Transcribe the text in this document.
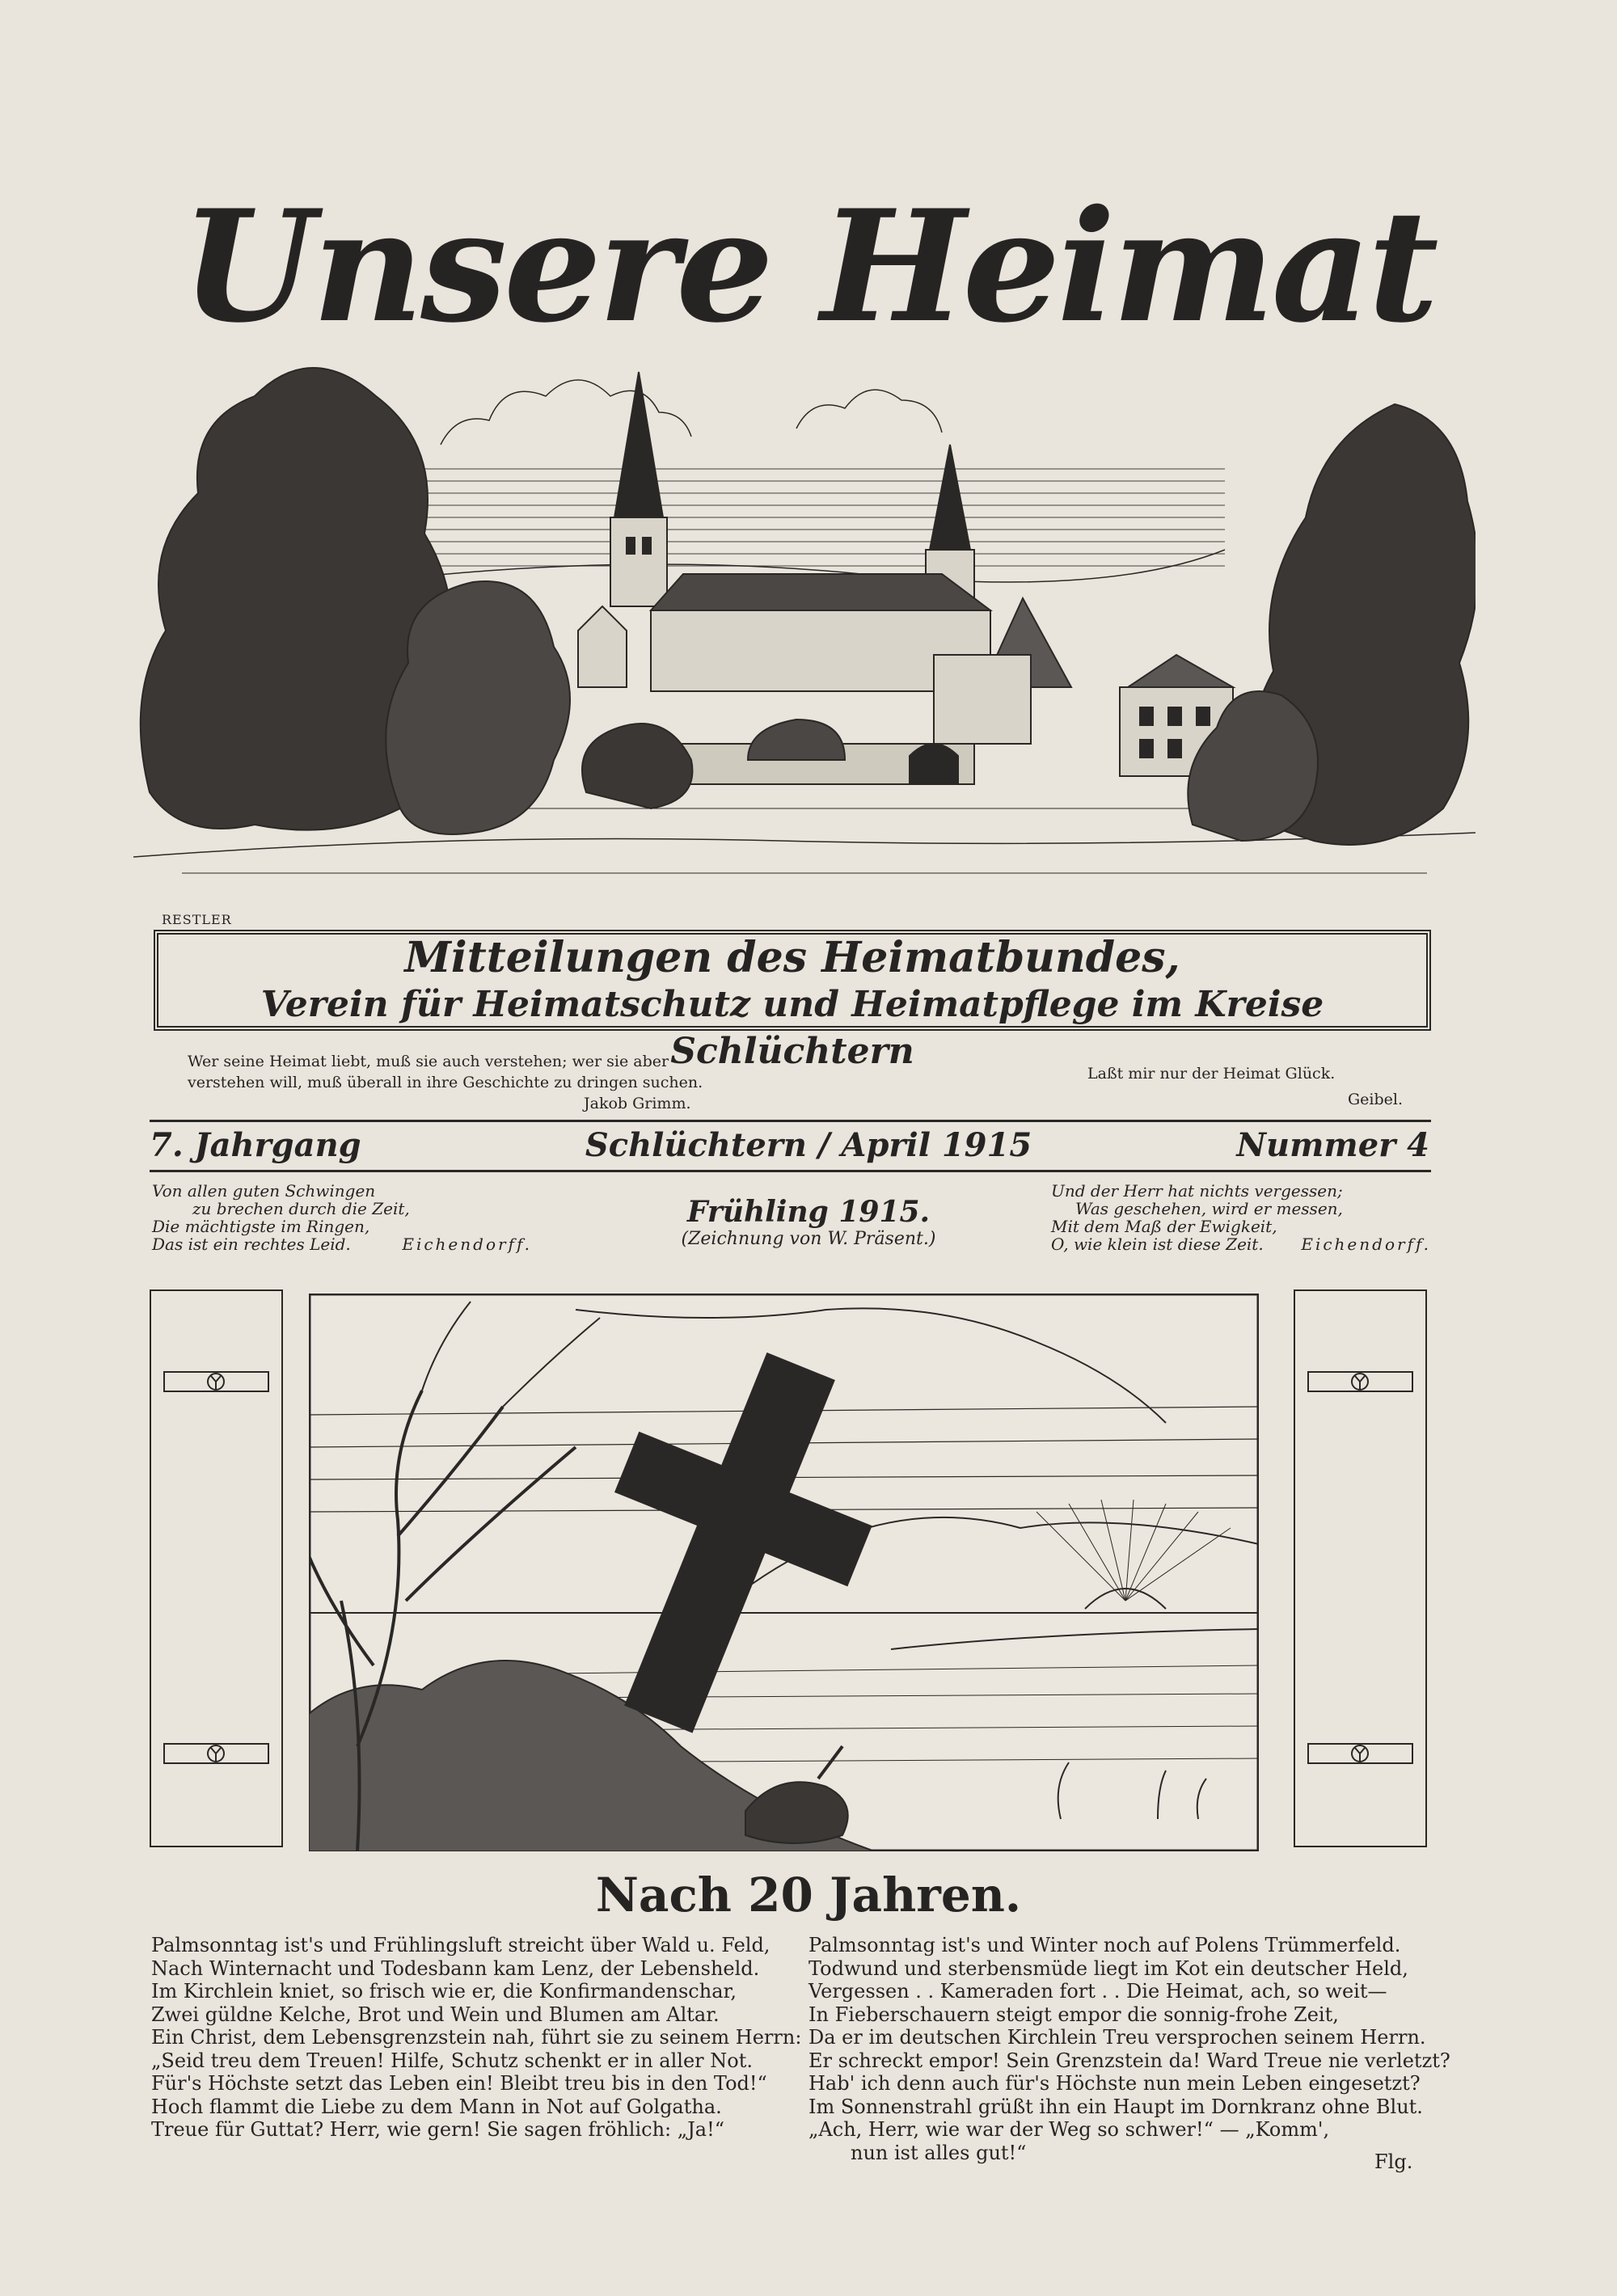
Unsere Heimat
RESTLER
Mitteilungen des Heimatbundes,
Verein für Heimatschutz und Heimatpflege im Kreise Schlüchtern
Wer seine Heimat liebt, muß sie auch verstehen; wer sie aber
verstehen will, muß überall in ihre Geschichte zu dringen suchen.
Jakob Grimm.
Laßt mir nur der Heimat Glück.
Geibel.
7. Jahrgang	Schlüchtern / April 1915	Nummer 4
Von allen guten Schwingen
zu brechen durch die Zeit,
Die mächtigste im Ringen,
Das ist ein rechtes Leid.	Eichendorff.
Frühling 1915.
(Zeichnung von W. Präsent.)
Und der Herr hat nichts vergessen;
Was geschehen, wird er messen,
Mit dem Maß der Ewigkeit,
O, wie klein ist diese Zeit. Eichendorff.
Nach 20 Jahren.
Palmsonntag ist's und Frühlingsluft streicht über Wald u. Feld,
Nach Winternacht und Todesbann kam Lenz, der Lebensheld.
Im Kirchlein kniet, so frisch wie er, die Konfirmandenschar,
Zwei güldne Kelche, Brot und Wein und Blumen am Altar.
Ein Christ, dem Lebensgrenzstein nah, führt sie zu seinem Herrn:
„Seid treu dem Treuen! Hilfe, Schutz schenkt er in aller Not.
Für's Höchste setzt das Leben ein! Bleibt treu bis in den Tod!“
Hoch flammt die Liebe zu dem Mann in Not auf Golgatha.
Treue für Guttat? Herr, wie gern! Sie sagen fröhlich: „Ja!“
Palmsonntag ist's und Winter noch auf Polens Trümmerfeld.
Todwund und sterbensmüde liegt im Kot ein deutscher Held,
Vergessen . . Kameraden fort . . Die Heimat, ach, so weit—
In Fieberschauern steigt empor die sonnig-frohe Zeit,
Da er im deutschen Kirchlein Treu versprochen seinem Herrn.
Er schreckt empor! Sein Grenzstein da! Ward Treue nie verletzt?
Hab' ich denn auch für's Höchste nun mein Leben eingesetzt?
Im Sonnenstrahl grüßt ihn ein Haupt im Dornkranz ohne Blut.
„Ach, Herr, wie war der Weg so schwer!“ — „Komm',
nun ist alles gut!“	Flg.
